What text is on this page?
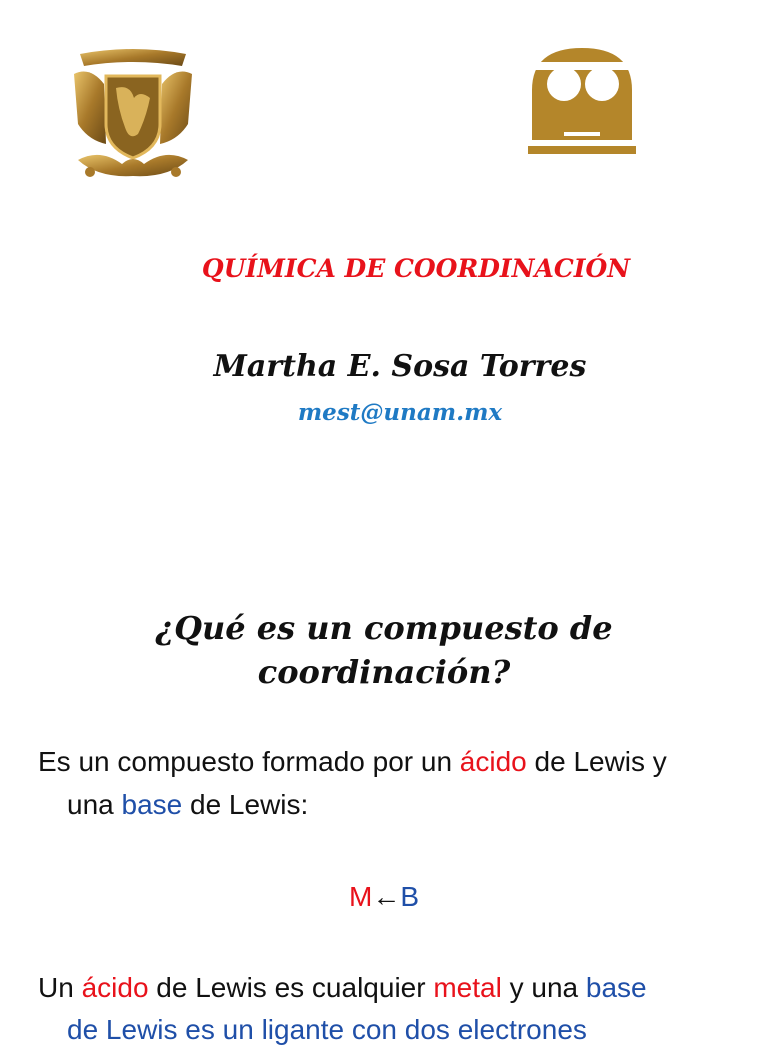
QUÍMICA DE COORDINACIÓN
Martha E. Sosa Torres
mest@unam.mx
¿Qué es un compuesto de
coordinación?
Es un compuesto formado por un ácido de Lewis y
una base de Lewis:
M←B
Un ácido de Lewis es cualquier metal y una base
de Lewis es un ligante con dos electrones
